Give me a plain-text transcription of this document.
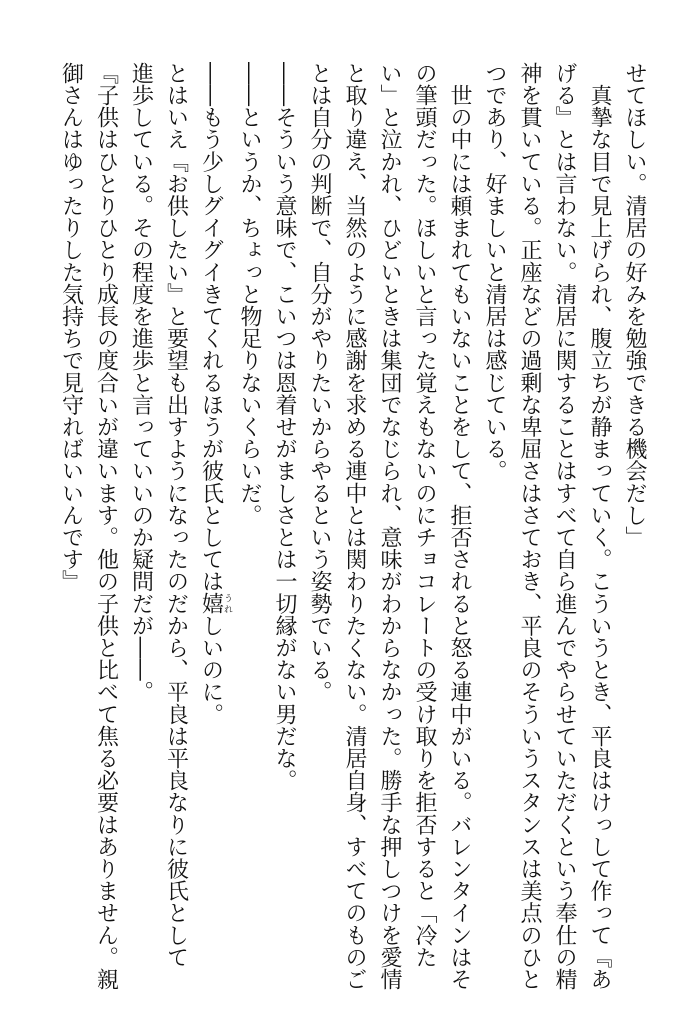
せてほしい。清居の好みを勉強できる機会だし」
　真摯な目で見上げられ、腹立ちが静まっていく。こういうとき、平良はけっして作って『あ
げる』とは言わない。清居に関することはすべて自ら進んでやらせていただくという奉仕の精
神を貫いている。正座などの過剰な卑屈さはさておき、平良のそういうスタンスは美点のひと
つであり、好ましいと清居は感じている。
　世の中には頼まれてもいないことをして、拒否されると怒る連中がいる。バレンタインはそ
の筆頭だった。ほしいと言った覚えもないのにチョコレートの受け取りを拒否すると「冷た
い」と泣かれ、ひどいときは集団でなじられ、意味がわからなかった。勝手な押しつけを愛情
と取り違え、当然のように感謝を求める連中とは関わりたくない。清居自身、すべてのものご
とは自分の判断で、自分がやりたいからやるという姿勢でいる。
――そういう意味で、こいつは恩着せがましさとは一切縁がない男だな。
――というか、ちょっと物足りないくらいだ。
――もう少しグイグイきてくれるほうが彼氏としては嬉うれしいのに。
とはいえ『お供したい』と要望も出すようになったのだから、平良は平良なりに彼氏として
進歩している。その程度を進歩と言っていいのか疑問だが――。
『子供はひとりひとり成長の度合いが違います。他の子供と比べて焦る必要はありません。親
御さんはゆったりした気持ちで見守ればいいんです』
